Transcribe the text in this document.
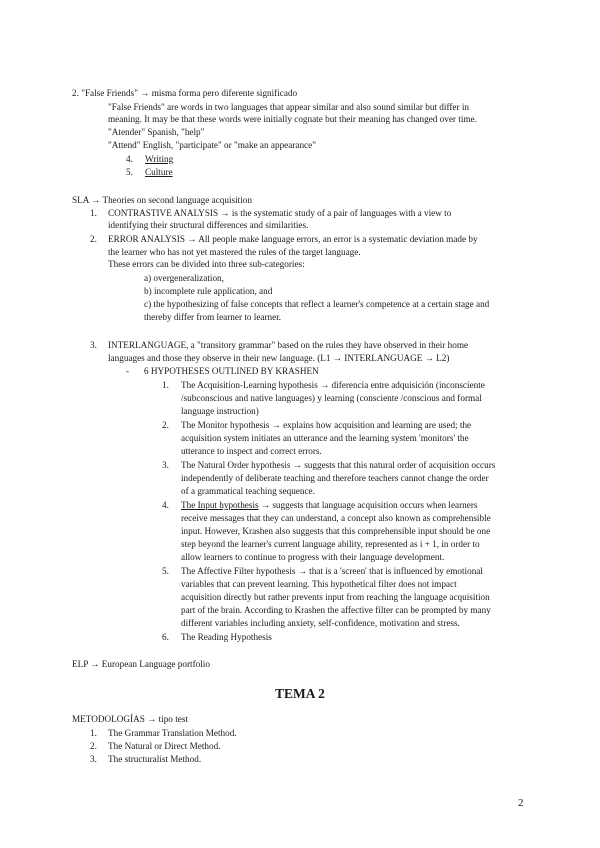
2. "False Friends" → misma forma pero diferente significado
"False Friends" are words in two languages that appear similar and also sound similar but differ in
meaning. It may be that these words were initially cognate but their meaning has changed over time.
"Atender" Spanish, "help"
"Attend" English, "participate" or "make an appearance"
4. Writing
5. Culture
SLA → Theories on second language acquisition
1. CONTRASTIVE ANALYSIS → is the systematic study of a pair of languages with a view to
identifying their structural differences and similarities.
2. ERROR ANALYSIS → All people make language errors, an error is a systematic deviation made by
the learner who has not yet mastered the rules of the target language.
These errors can be divided into three sub-categories:
a) overgeneralization,
b) incomplete rule application, and
c) the hypothesizing of false concepts that reflect a learner's competence at a certain stage and
thereby differ from learner to learner.
3. INTERLANGUAGE, a "transitory grammar" based on the rules they have observed in their home
languages and those they observe in their new language. (L1 → INTERLANGUAGE → L2)
- 6 HYPOTHESES OUTLINED BY KRASHEN
1. The Acquisition-Learning hypothesis → diferencia entre adquisición (inconsciente
/subconscious and native languages) y learning (consciente /conscious and formal
language instruction)
2. The Monitor hypothesis → explains how acquisition and learning are used; the
acquisition system initiates an utterance and the learning system 'monitors' the
utterance to inspect and correct errors.
3. The Natural Order hypothesis → suggests that this natural order of acquisition occurs
independently of deliberate teaching and therefore teachers cannot change the order
of a grammatical teaching sequence.
4. The Input hypothesis → suggests that language acquisition occurs when learners
receive messages that they can understand, a concept also known as comprehensible
input. However, Krashen also suggests that this comprehensible input should be one
step beyond the learner's current language ability, represented as i + 1, in order to
allow learners to continue to progress with their language development.
5. The Affective Filter hypothesis → that is a 'screen' that is influenced by emotional
variables that can prevent learning. This hypothetical filter does not impact
acquisition directly but rather prevents input from reaching the language acquisition
part of the brain. According to Krashen the affective filter can be prompted by many
different variables including anxiety, self-confidence, motivation and stress.
6. The Reading Hypothesis
ELP → European Language portfolio
TEMA 2
METODOLOGÍAS → tipo test
1. The Grammar Translation Method.
2. The Natural or Direct Method.
3. The structuralist Method.
2
